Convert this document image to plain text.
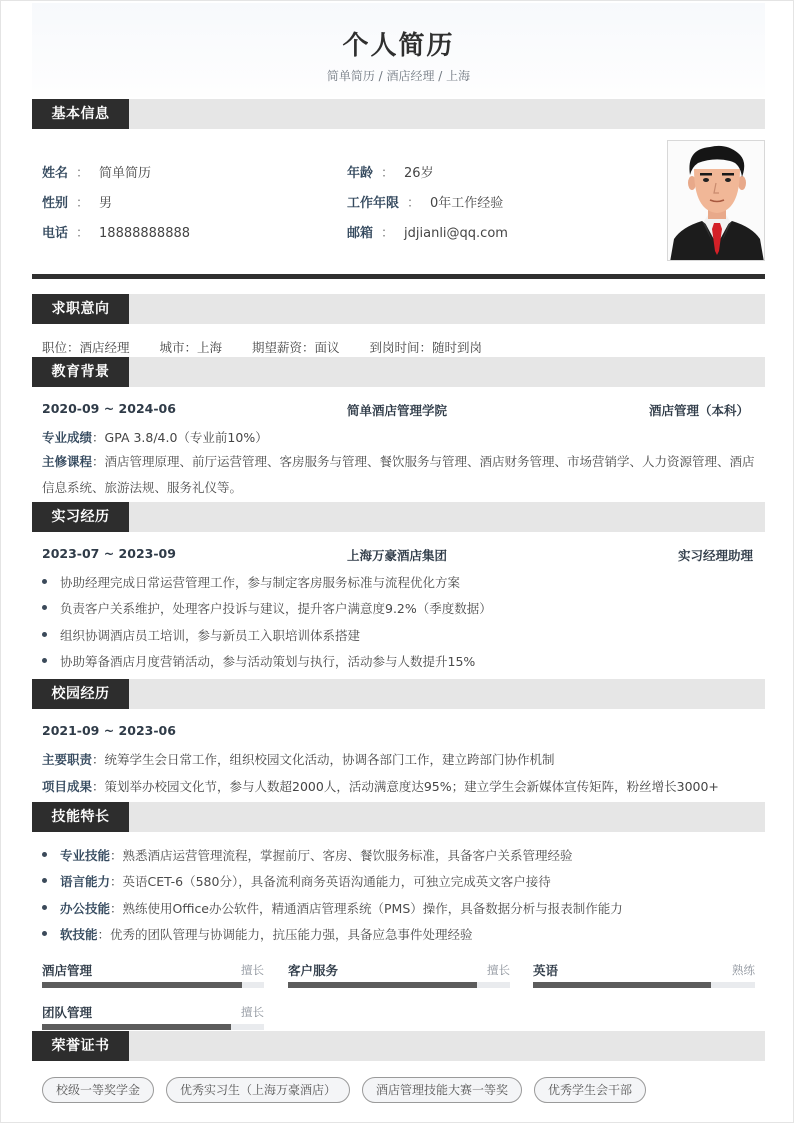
个人简历
简单简历 / 酒店经理 / 上海
基本信息
姓名 ： 简单简历	年龄 ： 26岁
性别 ： 男	工作年限 ： 0年工作经验
电话 ： 18888888888	邮箱 ： jdjianli@qq.com
求职意向
职位：酒店经理 城市：上海 期望薪资：面议 到岗时间：随时到岗
教育背景
2020-09 ~ 2024-06	简单酒店管理学院	酒店管理（本科）
专业成绩：GPA 3.8/4.0（专业前10%）
主修课程：酒店管理原理、前厅运营管理、客房服务与管理、餐饮服务与管理、酒店财务管理、市场营销学、人力资源管理、酒店信息系统、旅游法规、服务礼仪等。
实习经历
2023-07 ~ 2023-09	上海万豪酒店集团	实习经理助理
协助经理完成日常运营管理工作，参与制定客房服务标准与流程优化方案
负责客户关系维护，处理客户投诉与建议，提升客户满意度9.2%（季度数据）
组织协调酒店员工培训，参与新员工入职培训体系搭建
协助筹备酒店月度营销活动，参与活动策划与执行，活动参与人数提升15%
校园经历
2021-09 ~ 2023-06
主要职责：统筹学生会日常工作，组织校园文化活动，协调各部门工作，建立跨部门协作机制
项目成果：策划举办校园文化节，参与人数超2000人，活动满意度达95%；建立学生会新媒体宣传矩阵，粉丝增长3000+
技能特长
专业技能：熟悉酒店运营管理流程，掌握前厅、客房、餐饮服务标准，具备客户关系管理经验
语言能力：英语CET-6（580分），具备流利商务英语沟通能力，可独立完成英文客户接待
办公技能：熟练使用Office办公软件，精通酒店管理系统（PMS）操作，具备数据分析与报表制作能力
软技能：优秀的团队管理与协调能力，抗压能力强，具备应急事件处理经验
酒店管理	擅长 客户服务	擅长 英语	熟练
团队管理	擅长
荣誉证书
校级一等奖学金	优秀实习生（上海万豪酒店）	酒店管理技能大赛一等奖	优秀学生会干部
